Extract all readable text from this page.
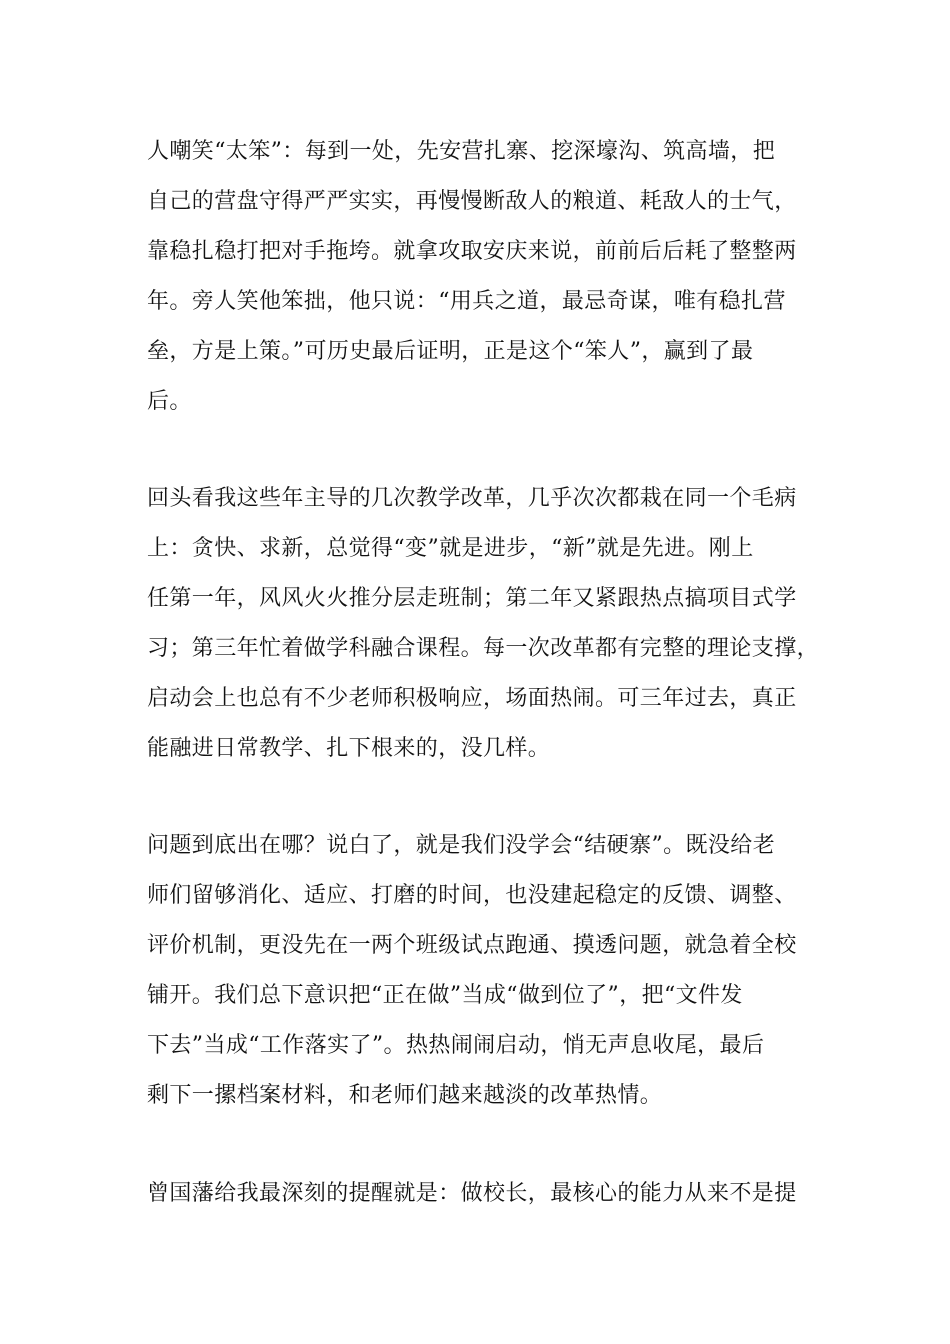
人嘲笑“太笨”：每到一处，先安营扎寨、挖深壕沟、筑高墙，把
自己的营盘守得严严实实，再慢慢断敌人的粮道、耗敌人的士气，
靠稳扎稳打把对手拖垮。就拿攻取安庆来说，前前后后耗了整整两
年。旁人笑他笨拙，他只说：“用兵之道，最忌奇谋，唯有稳扎营
垒，方是上策。”可历史最后证明，正是这个“笨人”，赢到了最
后。
回头看我这些年主导的几次教学改革，几乎次次都栽在同一个毛病
上：贪快、求新，总觉得“变”就是进步，“新”就是先进。刚上
任第一年，风风火火推分层走班制；第二年又紧跟热点搞项目式学
习；第三年忙着做学科融合课程。每一次改革都有完整的理论支撑，
启动会上也总有不少老师积极响应，场面热闹。可三年过去，真正
能融进日常教学、扎下根来的，没几样。
问题到底出在哪？说白了，就是我们没学会“结硬寨”。既没给老
师们留够消化、适应、打磨的时间，也没建起稳定的反馈、调整、
评价机制，更没先在一两个班级试点跑通、摸透问题，就急着全校
铺开。我们总下意识把“正在做”当成“做到位了”，把“文件发
下去”当成“工作落实了”。热热闹闹启动，悄无声息收尾，最后
剩下一摞档案材料，和老师们越来越淡的改革热情。
曾国藩给我最深刻的提醒就是：做校长，最核心的能力从来不是提
